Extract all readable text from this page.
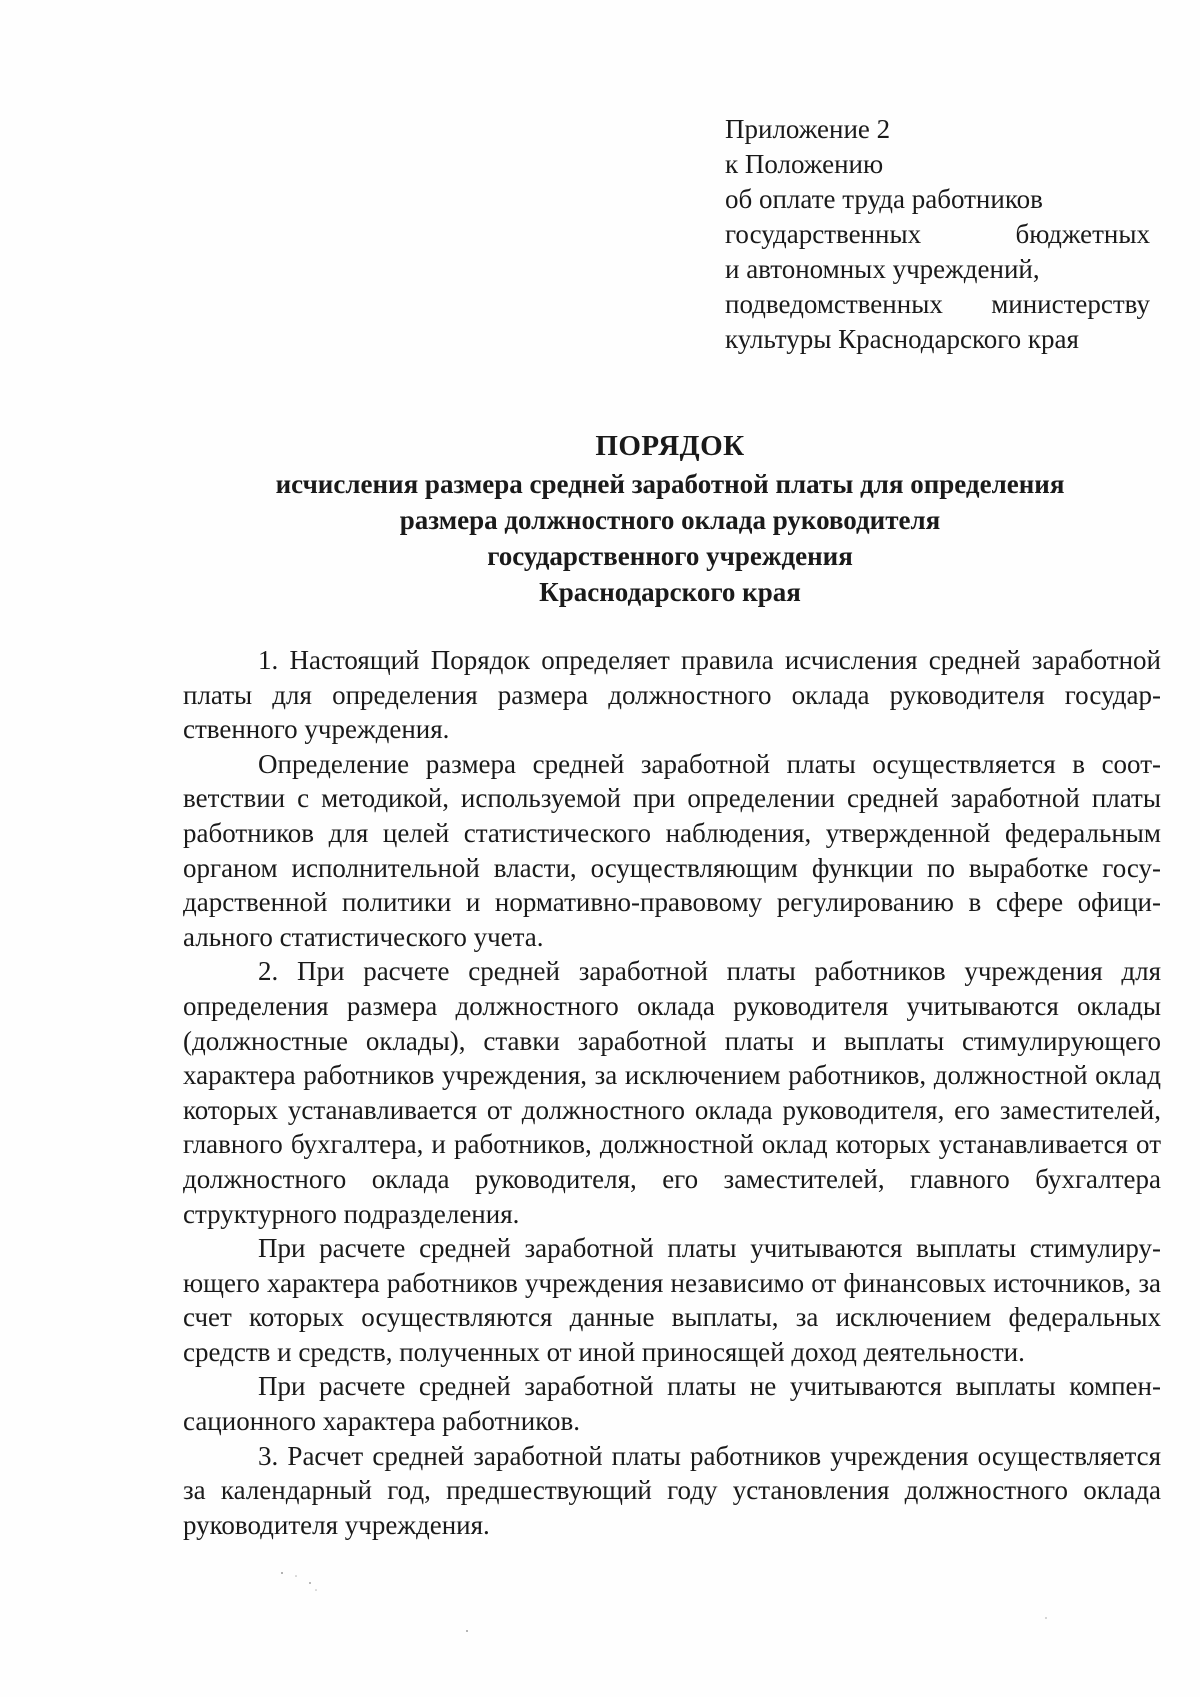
Приложение 2
к Положению
об оплате труда работников
государственных	бюджетных
и автономных учреждений,
подведомственных министерству
культуры Краснодарского края
ПОРЯДОК
исчисления размера средней заработной платы для определения
размера должностного оклада руководителя
государственного учреждения
Краснодарского края

1. Настоящий Порядок определяет правила исчисления средней заработной платы для определения размера должностного оклада руководителя государственного учреждения.

Определение размера средней заработной платы осуществляется в соответствии с методикой, используемой при определении средней заработной платы работников для целей статистического наблюдения, утвержденной федеральным органом исполнительной власти, осуществляющим функции по выработке государственной политики и нормативно-правовому регулированию в сфере официального статистического учета.

2. При расчете средней заработной платы работников учреждения для определения размера должностного оклада руководителя учитываются оклады (должностные оклады), ставки заработной платы и выплаты стимулирующего характера работников учреждения, за исключением работников, должностной оклад которых устанавливается от должностного оклада руководителя, его заместителей, главного бухгалтера, и работников, должностной оклад которых устанавливается от должностного оклада руководителя, его заместителей, главного бухгалтера структурного подразделения.

При расчете средней заработной платы учитываются выплаты стимулирующего характера работников учреждения независимо от финансовых источников, за счет которых осуществляются данные выплаты, за исключением федеральных средств и средств, полученных от иной приносящей доход деятельности.

При расчете средней заработной платы не учитываются выплаты компенсационного характера работников.

3. Расчет средней заработной платы работников учреждения осуществляется за календарный год, предшествующий году установления должностного оклада руководителя учреждения.
